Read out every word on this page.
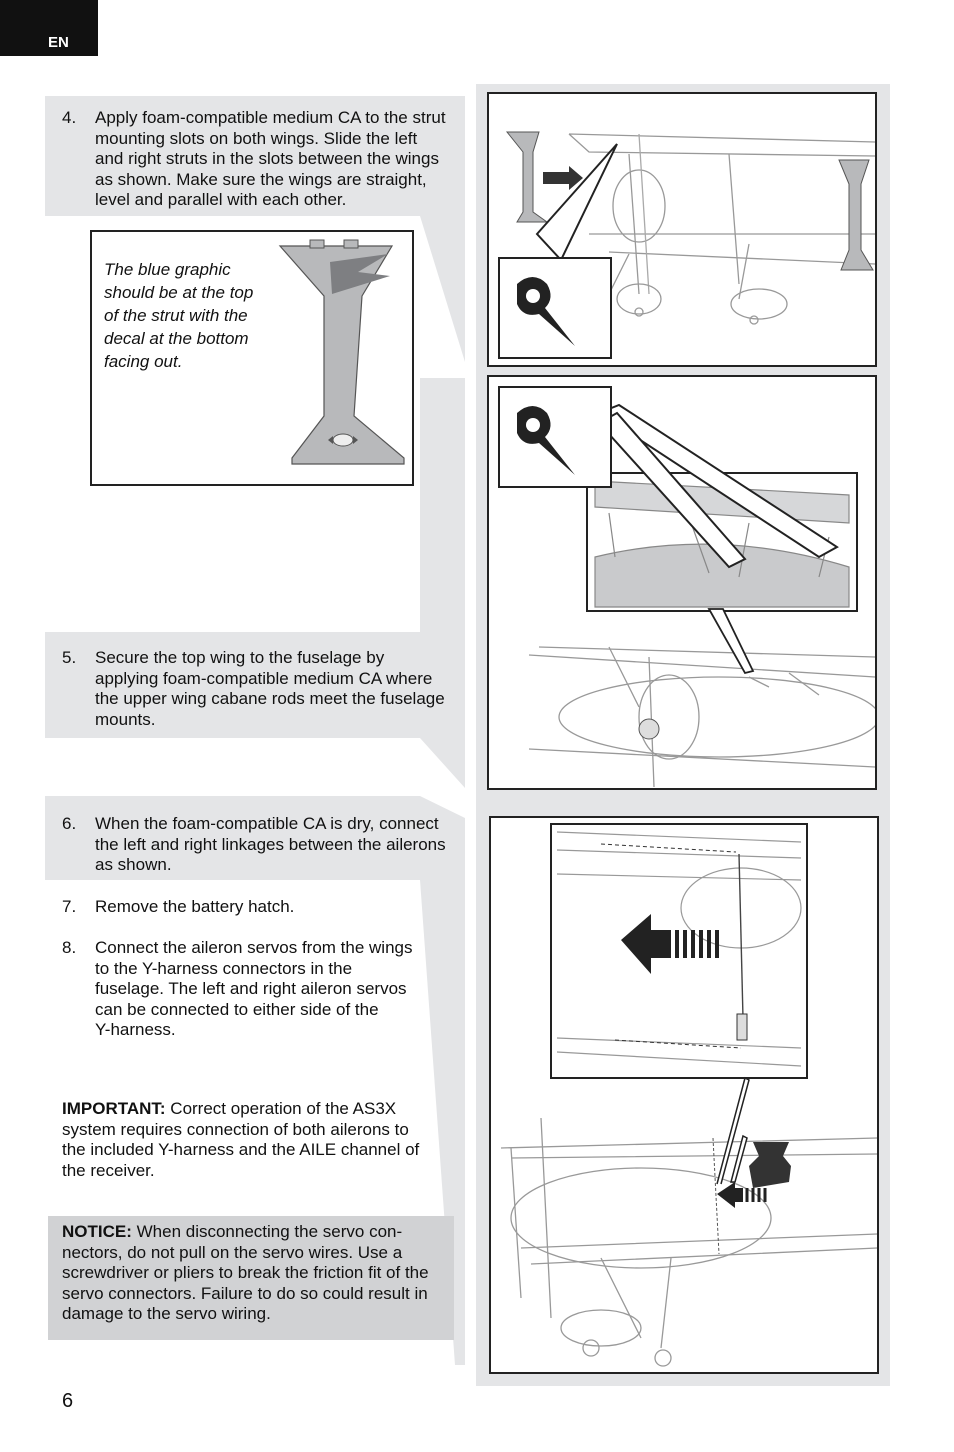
EN
4. Apply foam-compatible medium CA to the strut
mounting slots on both wings. Slide the left
and right struts in the slots between the wings
as shown. Make sure the wings are straight,
level and parallel with each other.
The blue graphic
should be at the top
of the strut with the
decal at the bottom
facing out.
5. Secure the top wing to the fuselage by
applying foam-compatible medium CA where
the upper wing cabane rods meet the fuselage
mounts.
6. When the foam-compatible CA is dry, connect
the left and right linkages between the ailerons
as shown.
7. Remove the battery hatch.
8. Connect the aileron servos from the wings
to the Y-harness connectors in the
fuselage. The left and right aileron servos
can be connected to either side of the
Y-harness.
IMPORTANT: Correct operation of the AS3X
system requires connection of both ailerons to
the included Y-harness and the AILE channel of
the receiver.
NOTICE: When disconnecting the servo con-
nectors, do not pull on the servo wires. Use a
screwdriver or pliers to break the friction fit of the
servo connectors. Failure to do so could result in
damage to the servo wiring.
6
